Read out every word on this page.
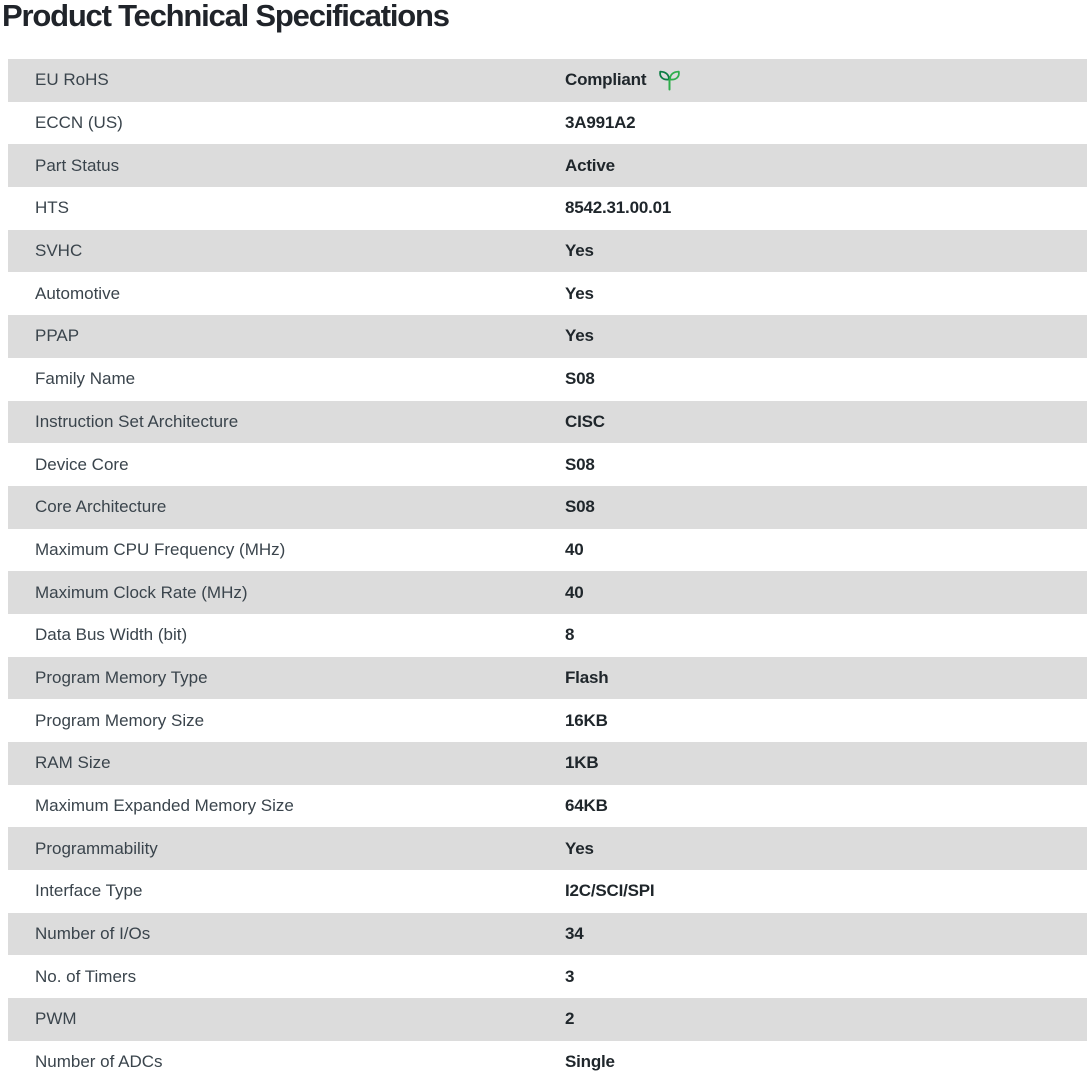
Product Technical Specifications
EU RoHS	Compliant
ECCN (US)	3A991A2
Part Status	Active
HTS	8542.31.00.01
SVHC	Yes
Automotive	Yes
PPAP	Yes
Family Name	S08
Instruction Set Architecture	CISC
Device Core	S08
Core Architecture	S08
Maximum CPU Frequency (MHz)	40
Maximum Clock Rate (MHz)	40
Data Bus Width (bit)	8
Program Memory Type	Flash
Program Memory Size	16KB
RAM Size	1KB
Maximum Expanded Memory Size	64KB
Programmability	Yes
Interface Type	I2C/SCI/SPI
Number of I/Os	34
No. of Timers	3
PWM	2
Number of ADCs	Single
